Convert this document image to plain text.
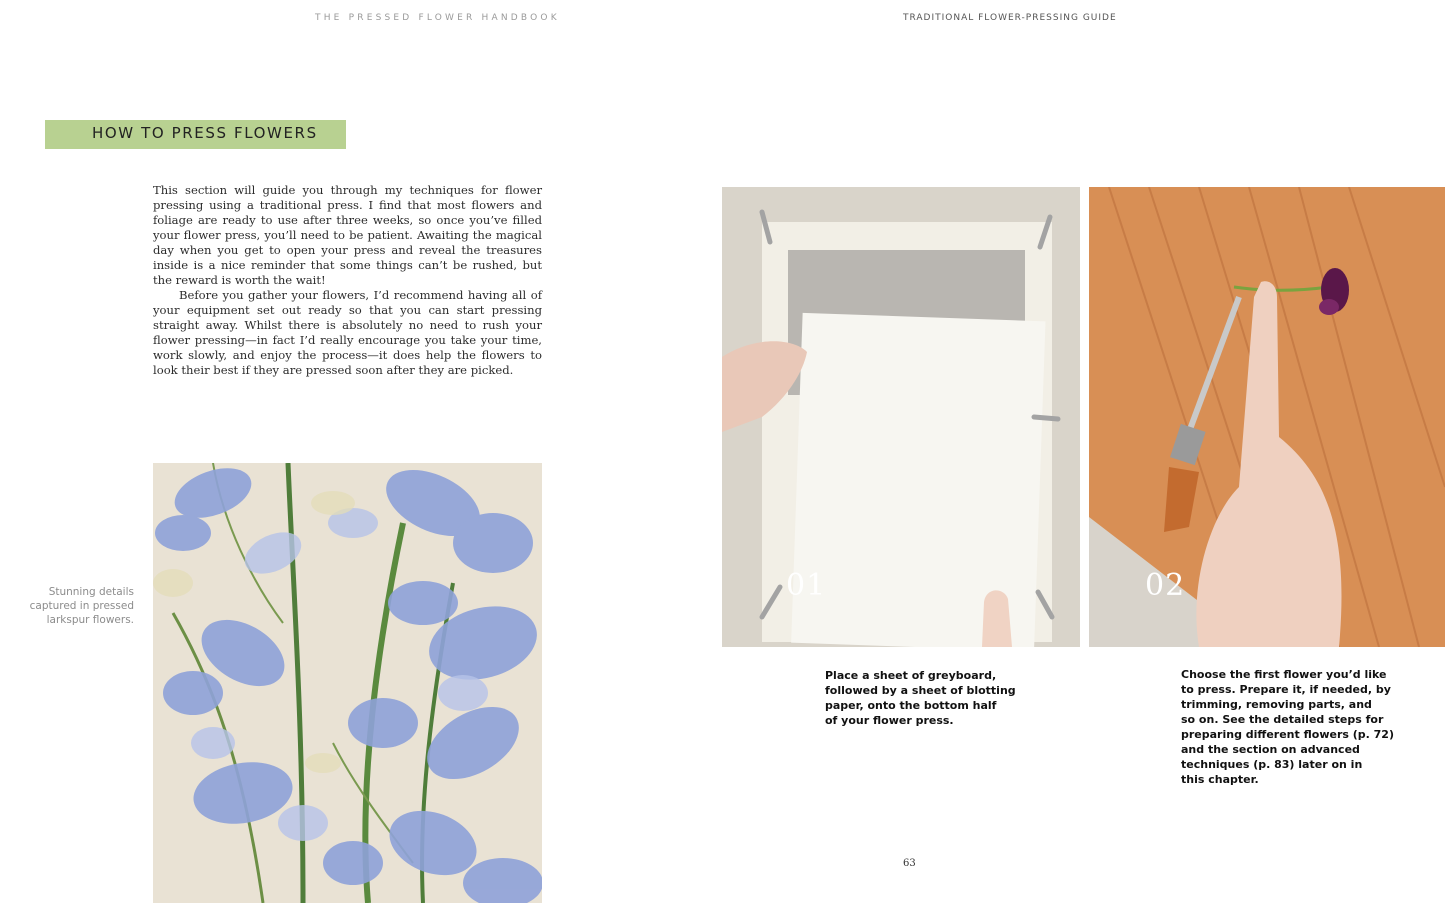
THE PRESSED FLOWER HANDBOOK	TRADITIONAL FLOWER-PRESSING GUIDE
HOW TO PRESS FLOWERS

This section will guide you through my techniques for flower pressing using a traditional press. I find that most flowers and foliage are ready to use after three weeks, so once you’ve filled your flower press, you’ll need to be patient. Awaiting the magical day when you get to open your press and reveal the treasures inside is a nice reminder that some things can’t be rushed, but the reward is worth the wait!

Before you gather your flowers, I’d recommend having all of your equipment set out ready so that you can start pressing straight away. Whilst there is absolutely no need to rush your flower pressing—in fact I’d really encourage you take your time, work slowly, and enjoy the process—it does help the flowers to look their best if they are pressed soon after they are picked.

Stunning details
captured in pressed
larkspur flowers.
01	02
Place a sheet of greyboard,
followed by a sheet of blotting
paper, onto the bottom half
of your flower press.
Choose the first flower you’d like
to press. Prepare it, if needed, by
trimming, removing parts, and
so on. See the detailed steps for
preparing different flowers (p. 72)
and the section on advanced
techniques (p. 83) later on in
this chapter.
63
